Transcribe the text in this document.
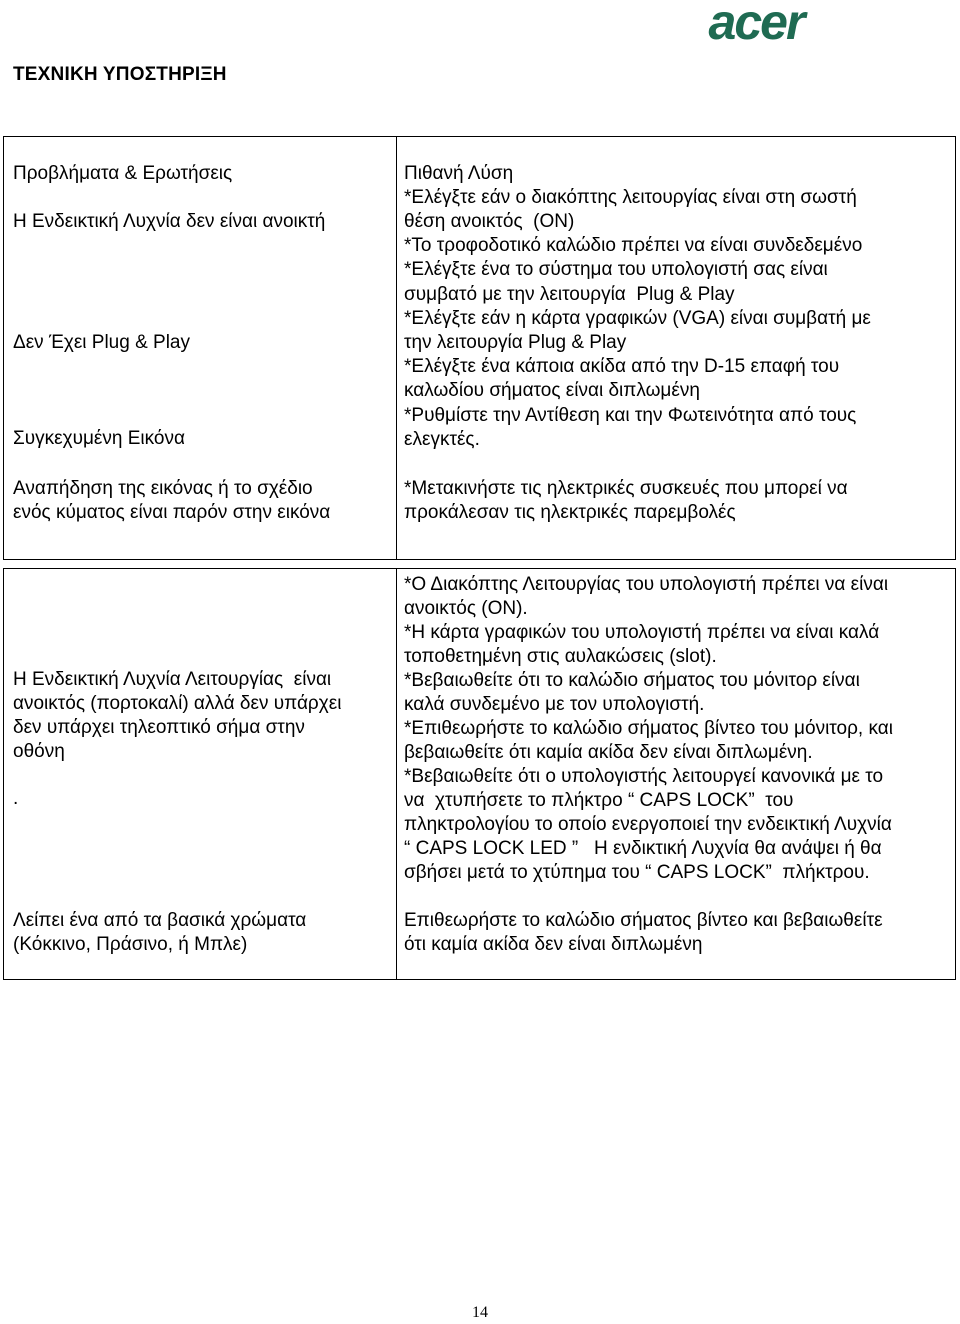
acer
ΤΕΧΝΙΚΗ ΥΠΟΣΤΗΡΙΞΗ
Προβλήματα & Ερωτήσεις	Πιθανή Λύση
Η Ενδεικτική Λυχνία δεν είναι ανοικτή
Δεν Έχει Plug & Play
Συγκεχυμένη Εικόνα
Αναπήδηση της εικόνας ή το σχέδιο
ενός κύματος είναι παρόν στην εικόνα
*Ελέγξτε εάν ο διακόπτης λειτουργίας είναι στη σωστή
θέση ανοικτός  (ON)
*Το τροφοδοτικό καλώδιο πρέπει να είναι συνδεδεμένο
*Ελέγξτε ένα το σύστημα του υπολογιστή σας είναι
συμβατό με την λειτουργία  Plug & Play
*Ελέγξτε εάν η κάρτα γραφικών (VGA) είναι συμβατή με
την λειτουργία Plug & Play
*Ελέγξτε ένα κάποια ακίδα από την D-15 επαφή του
καλωδίου σήματος είναι διπλωμένη
*Ρυθμίστε την Αντίθεση και την Φωτεινότητα από τους
ελεγκτές.
*Μετακινήστε τις ηλεκτρικές συσκευές που μπορεί να
προκάλεσαν τις ηλεκτρικές παρεμβολές
Η Ενδεικτική Λυχνία Λειτουργίας  είναι
ανοικτός (πορτοκαλί) αλλά δεν υπάρχει
δεν υπάρχει τηλεοπτικό σήμα στην
οθόνη
.
Λείπει ένα από τα βασικά χρώματα
(Κόκκινο, Πράσινο, ή Μπλε)
*Ο Διακόπτης Λειτουργίας του υπολογιστή πρέπει να είναι
ανοικτός (ON).
*Η κάρτα γραφικών του υπολογιστή πρέπει να είναι καλά
τοποθετημένη στις αυλακώσεις (slot).
*Βεβαιωθείτε ότι το καλώδιο σήματος του μόνιτορ είναι
καλά συνδεμένο με τον υπολογιστή.
*Επιθεωρήστε το καλώδιο σήματος βίντεο του μόνιτορ, και
βεβαιωθείτε ότι καμία ακίδα δεν είναι διπλωμένη.
*Βεβαιωθείτε ότι ο υπολογιστής λειτουργεί κανονικά με το
να  χτυπήσετε το πλήκτρο “ CAPS LOCK”  του
πληκτρολογίου το οποίο ενεργοποιεί την ενδεικτική Λυχνία
“ CAPS LOCK LED ”   Η ενδικτική Λυχνία θα ανάψει ή θα
σβήσει μετά το χτύπημα του “ CAPS LOCK”  πλήκτρου.
Επιθεωρήστε το καλώδιο σήματος βίντεο και βεβαιωθείτε
ότι καμία ακίδα δεν είναι διπλωμένη
14
